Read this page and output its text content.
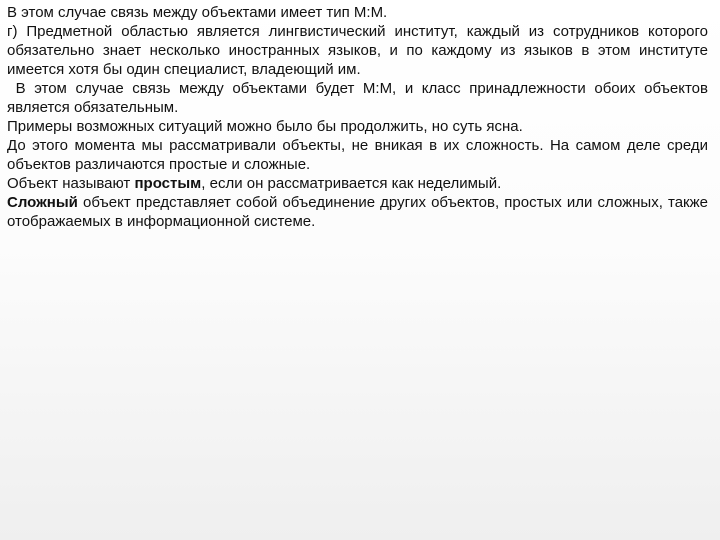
В этом случае связь между объектами имеет тип М:М.

г) Предметной областью является лингвистический институт, каждый из сотрудников которого обязательно знает несколько иностранных языков, и по каждому из языков в этом институте имеется хотя бы один специалист, владеющий им.

В этом случае связь между объектами будет М:М, и класс принадлежности обоих объектов является обязательным.

Примеры возможных ситуаций можно было бы продолжить, но суть ясна.

До этого момента мы рассматривали объекты, не вникая в их сложность. На самом деле среди объектов различаются простые и сложные.

Объект называют простым, если он рассматривается как неделимый.

Сложный объект представляет собой объединение других объектов, простых или сложных, также отображаемых в информационной системе.
